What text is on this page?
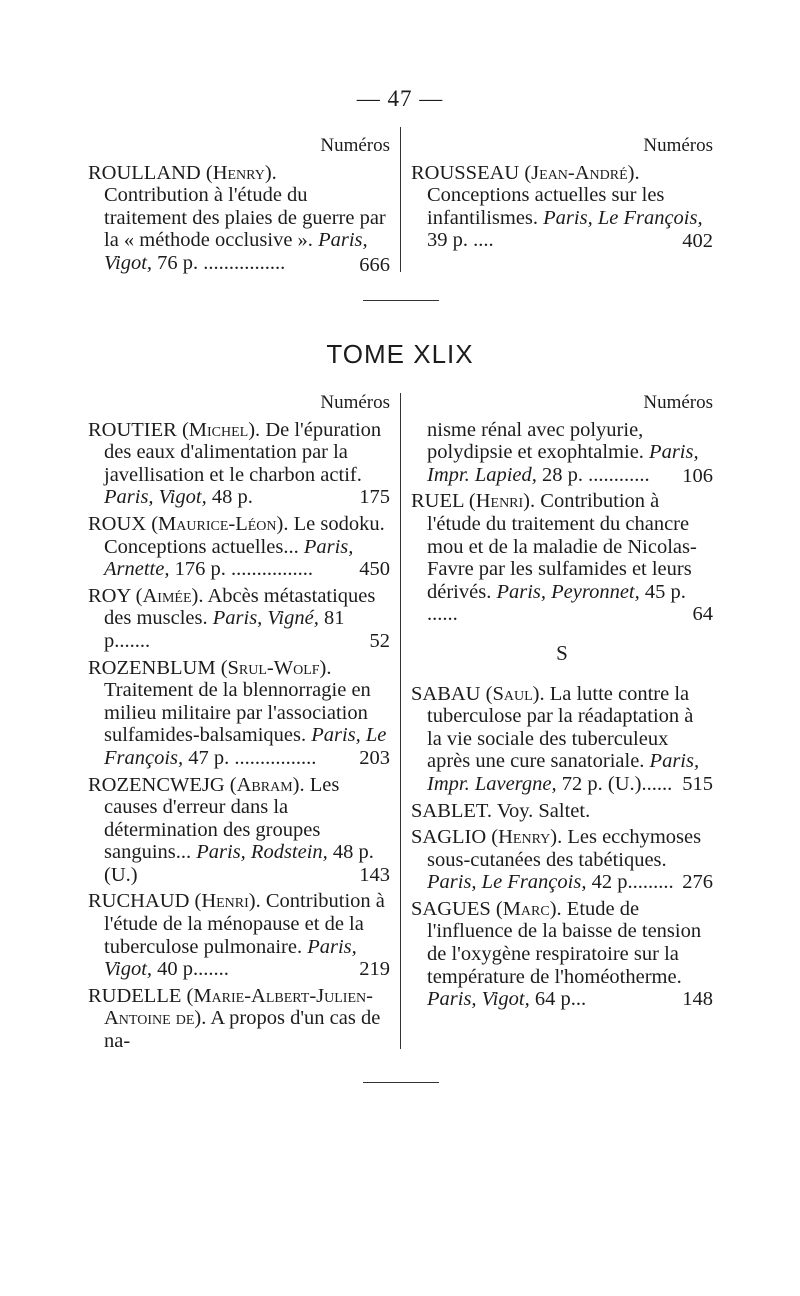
— 47 —
Numéros
666
ROULLAND (Henry). Contribution à l'étude du traitement des plaies de guerre par la « méthode occlusive ». Paris, Vigot, 76 p. ................
Numéros
402
ROUSSEAU (Jean-André). Conceptions actuelles sur les infantilismes. Paris, Le François, 39 p. ....
TOME XLIX
Numéros
175
ROUTIER (Michel). De l'épuration des eaux d'alimentation par la javellisation et le charbon actif. Paris, Vigot, 48 p.
450
ROUX (Maurice-Léon). Le sodoku. Conceptions actuelles... Paris, Arnette, 176 p. ................
52
ROY (Aimée). Abcès métastatiques des muscles. Paris, Vigné, 81 p.......
203
ROZENBLUM (Srul-Wolf). Traitement de la blennorragie en milieu militaire par l'association sulfamides-balsamiques. Paris, Le François, 47 p. ................
143
ROZENCWEJG (Abram). Les causes d'erreur dans la détermination des groupes sanguins... Paris, Rodstein, 48 p. (U.)
219
RUCHAUD (Henri). Contribution à l'étude de la ménopause et de la tuberculose pulmonaire. Paris, Vigot, 40 p.......
RUDELLE (Marie-Albert-Julien-Antoine de). A propos d'un cas de na-
Numéros
106
nisme rénal avec polyurie, polydipsie et exophtalmie. Paris, Impr. Lapied, 28 p. ............
64
RUEL (Henri). Contribution à l'étude du traitement du chancre mou et de la maladie de Nicolas-Favre par les sulfamides et leurs dérivés. Paris, Peyronnet, 45 p. ......
S
515
SABAU (Saul). La lutte contre la tuberculose par la réadaptation à la vie sociale des tuberculeux après une cure sanatoriale. Paris, Impr. Lavergne, 72 p. (U.)......
SABLET. Voy. Saltet.
276
SAGLIO (Henry). Les ecchymoses sous-cutanées des tabétiques. Paris, Le François, 42 p.........
148
SAGUES (Marc). Etude de l'influence de la baisse de tension de l'oxygène respiratoire sur la température de l'homéotherme. Paris, Vigot, 64 p...
